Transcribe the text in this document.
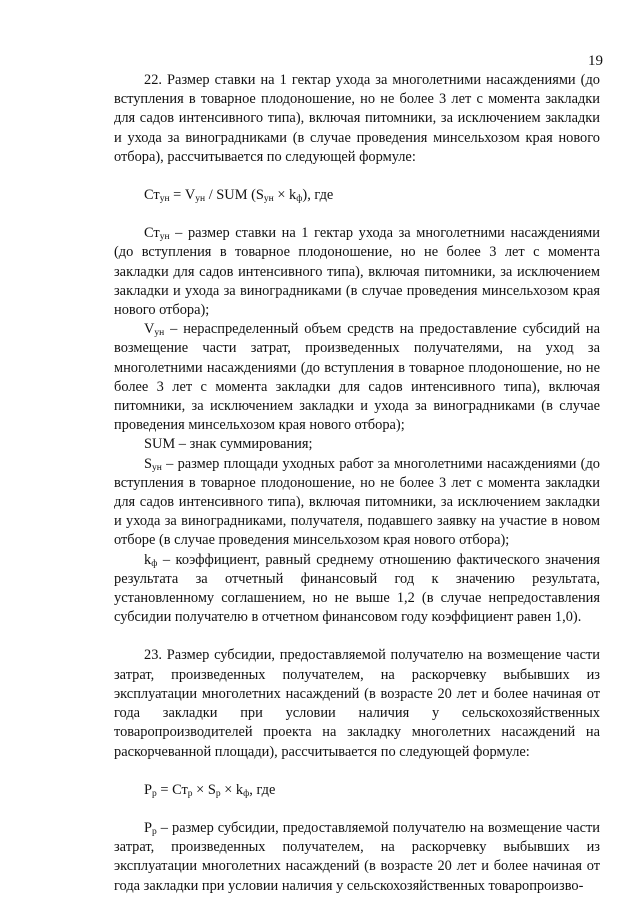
19

22. Размер ставки на 1 гектар ухода за многолетними насаждениями (до вступления в товарное плодоношение, но не более 3 лет с момента закладки для садов интенсивного типа), включая питомники, за исключением закладки и ухода за виноградниками (в случае проведения минсельхозом края нового отбора), рассчитывается по следующей формуле:

$Ст_{ун} = V_{ун}$ / SUM $(S_{ун} \times k_ф)$, где

$Ст_{ун}$ – размер ставки на 1 гектар ухода за многолетними насаждениями (до вступления в товарное плодоношение, но не более 3 лет с момента закладки для садов интенсивного типа), включая питомники, за исключением закладки и ухода за виноградниками (в случае проведения минсельхозом края нового отбора);

$V_{ун}$ – нераспределенный объем средств на предоставление субсидий на возмещение части затрат, произведенных получателями, на уход за многолетними насаждениями (до вступления в товарное плодоношение, но не более 3 лет с момента закладки для садов интенсивного типа), включая питомники, за исключением закладки и ухода за виноградниками (в случае проведения минсельхозом края нового отбора);

SUM – знак суммирования;

$S_{ун}$ – размер площади уходных работ за многолетними насаждениями (до вступления в товарное плодоношение, но не более 3 лет с момента закладки для садов интенсивного типа), включая питомники, за исключением закладки и ухода за виноградниками, получателя, подавшего заявку на участие в новом отборе (в случае проведения минсельхозом края нового отбора);

$k_ф$ – коэффициент, равный среднему отношению фактического значения результата за отчетный финансовый год к значению результата, установленному соглашением, но не выше 1,2 (в случае непредоставления субсидии получателю в отчетном финансовом году коэффициент равен 1,0).

23. Размер субсидии, предоставляемой получателю на возмещение части затрат, произведенных получателем, на раскорчевку выбывших из эксплуатации многолетних насаждений (в возрасте 20 лет и более начиная от года закладки при условии наличия у сельскохозяйственных товаропроизводителей проекта на закладку многолетних насаждений на раскорчеванной площади), рассчитывается по следующей формуле:

$Р_р = Ст_р \times S_р \times k_ф$, где

$Р_р$ – размер субсидии, предоставляемой получателю на возмещение части затрат, произведенных получателем, на раскорчевку выбывших из эксплуатации многолетних насаждений (в возрасте 20 лет и более начиная от года закладки при условии наличия у сельскохозяйственных товаропроизво-
